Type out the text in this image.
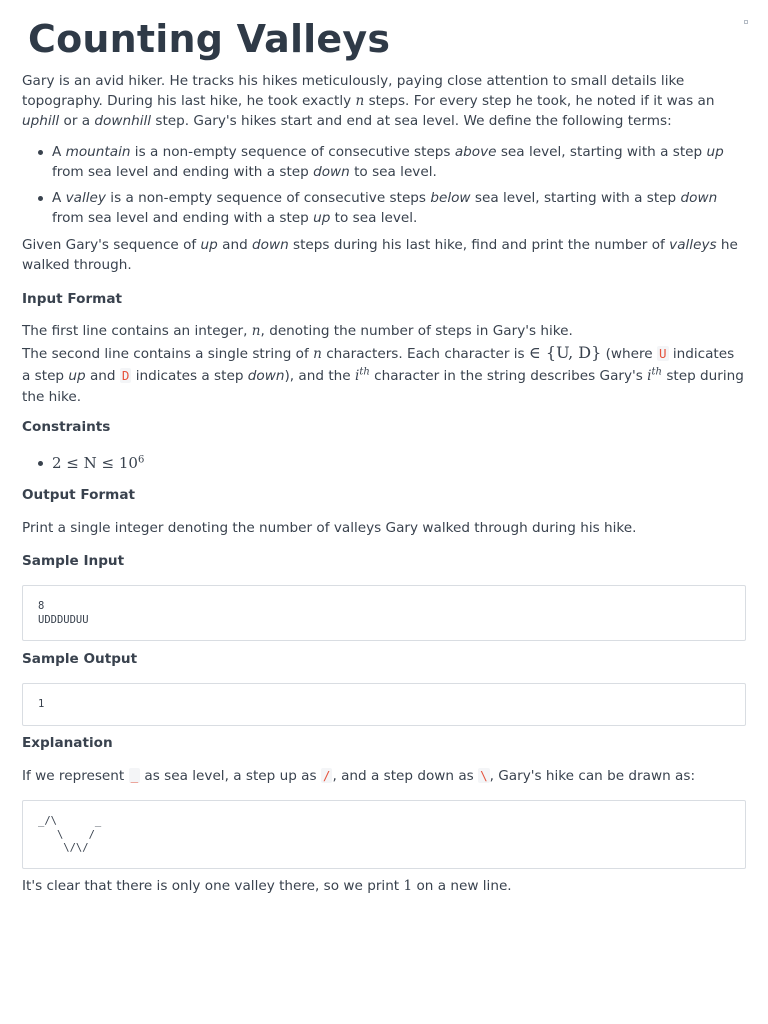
Counting Valleys

Gary is an avid hiker. He tracks his hikes meticulously, paying close attention to small details like topography. During his last hike, he took exactly n steps. For every step he took, he noted if it was an uphill or a downhill step. Gary's hikes start and end at sea level. We define the following terms:

A mountain is a non-empty sequence of consecutive steps above sea level, starting with a step up from sea level and ending with a step down to sea level.
A valley is a non-empty sequence of consecutive steps below sea level, starting with a step down from sea level and ending with a step up to sea level.

Given Gary's sequence of up and down steps during his last hike, find and print the number of valleys he walked through.

Input Format

The first line contains an integer, n, denoting the number of steps in Gary's hike.
The second line contains a single string of n characters. Each character is ∈ {U, D} (where U indicates a step up and D indicates a step down), and the $i^{th}$ character in the string describes Gary's $i^{th}$ step during the hike.

Constraints
$2 \le N \le 10^6$
Output Format

Print a single integer denoting the number of valleys Gary walked through during his hike.

Sample Input
8
UDDDUDUU
Sample Output
1
Explanation

If we represent _ as sea level, a step up as / , and a step down as \ , Gary's hike can be drawn as:

_/\      _
\    /
\/\/

It's clear that there is only one valley there, so we print 1 on a new line.
